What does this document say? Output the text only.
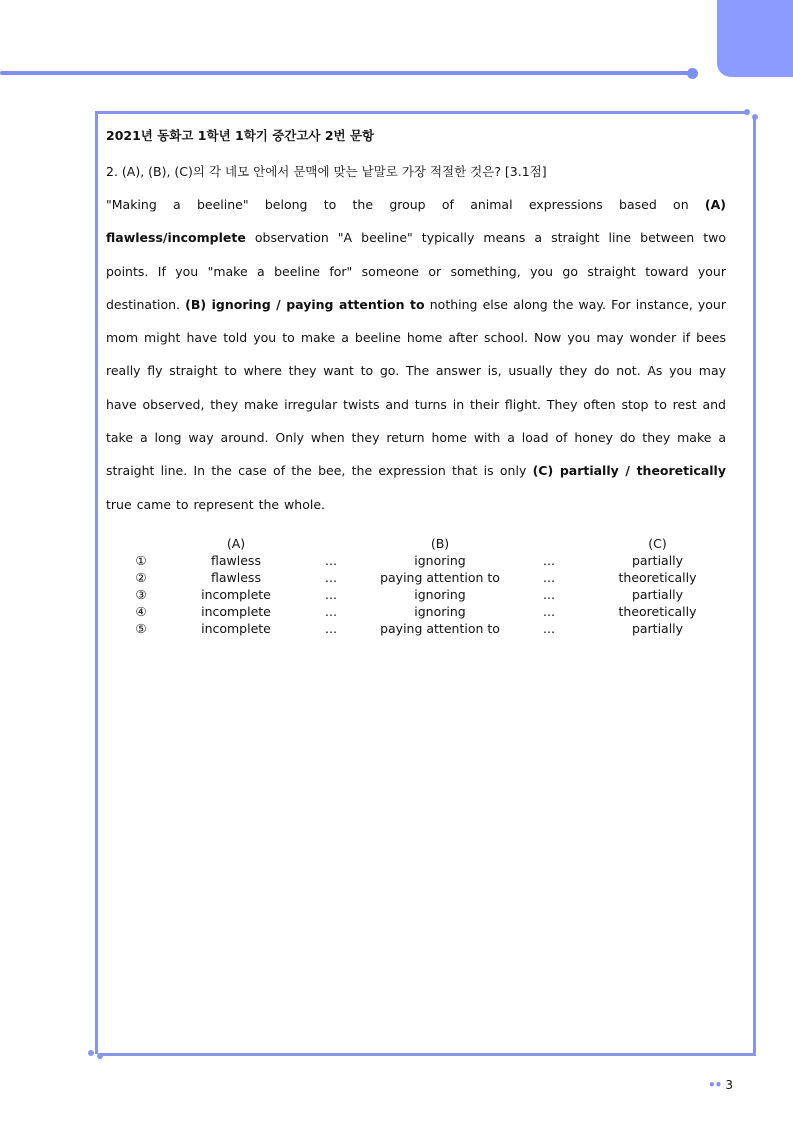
2021년 동화고 1학년 1학기 중간고사 2번 문항
2. (A), (B), (C)의 각 네모 안에서 문맥에 맞는 낱말로 가장 적절한 것은? [3.1점]

"Making a beeline" belong to the group of animal expressions based on (A) flawless/incomplete observation "A beeline" typically means a straight line between two points. If you "make a beeline for" someone or something, you go straight toward your destination. (B) ignoring / paying attention to nothing else along the way. For instance, your mom might have told you to make a beeline home after school. Now you may wonder if bees really fly straight to where they want to go. The answer is, usually they do not. As you may have observed, they make irregular twists and turns in their flight. They often stop to rest and take a long way around. Only when they return home with a load of honey do they make a straight line. In the case of the bee, the expression that is only (C) partially / theoretically true came to represent the whole.

	(A)		(B)		(C)
①	flawless	...	ignoring	...	partially
②	flawless	...	paying attention to	...	theoretically
③	incomplete	...	ignoring	...	partially
④	incomplete	...	ignoring	...	theoretically
⑤	incomplete	...	paying attention to	...	partially
•• 3
